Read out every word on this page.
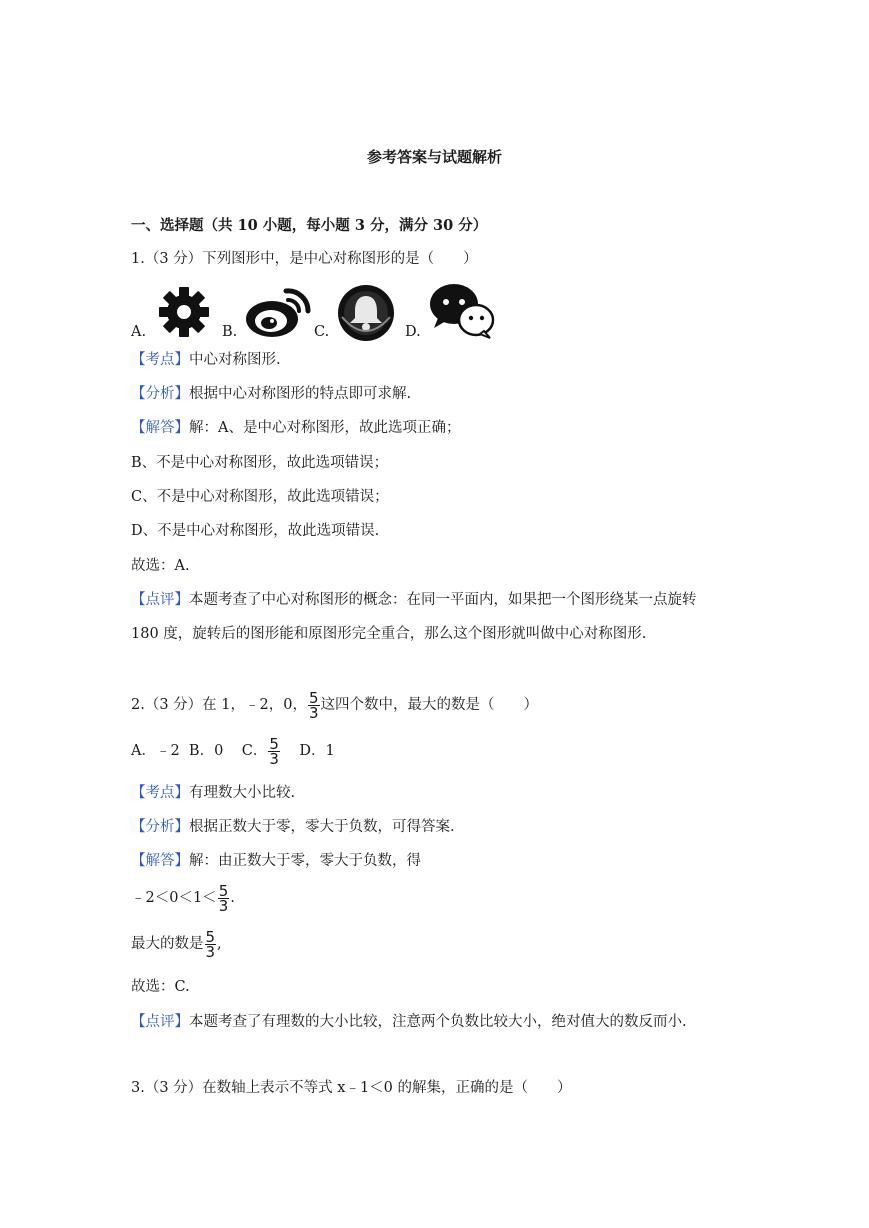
参考答案与试题解析
一、选择题（共 10 小题，每小题 3 分，满分 30 分）
1.（3 分）下列图形中，是中心对称图形的是（　　）
A.	B.	C.	D.
【考点】中心对称图形.
【分析】根据中心对称图形的特点即可求解.
【解答】解：A、是中心对称图形，故此选项正确；
B、不是中心对称图形，故此选项错误；
C、不是中心对称图形，故此选项错误；
D、不是中心对称图形，故此选项错误.
故选：A.
【点评】本题考查了中心对称图形的概念：在同一平面内，如果把一个图形绕某一点旋转
180 度，旋转后的图形能和原图形完全重合，那么这个图形就叫做中心对称图形.
2.（3 分）在 1，﹣2，0， $\frac{5}{3}$ 这四个数中，最大的数是（　　）
A．﹣2 B．0 C． $\frac{5}{3}$ D．1
【考点】有理数大小比较.
【分析】根据正数大于零，零大于负数，可得答案.
【解答】解：由正数大于零，零大于负数，得
﹣2＜0＜1＜ $\frac{5}{3}$ .
最大的数是 $\frac{5}{3}$ ,
故选：C.
【点评】本题考查了有理数的大小比较，注意两个负数比较大小，绝对值大的数反而小.
3.（3 分）在数轴上表示不等式 x﹣1＜0 的解集，正确的是（　　）
